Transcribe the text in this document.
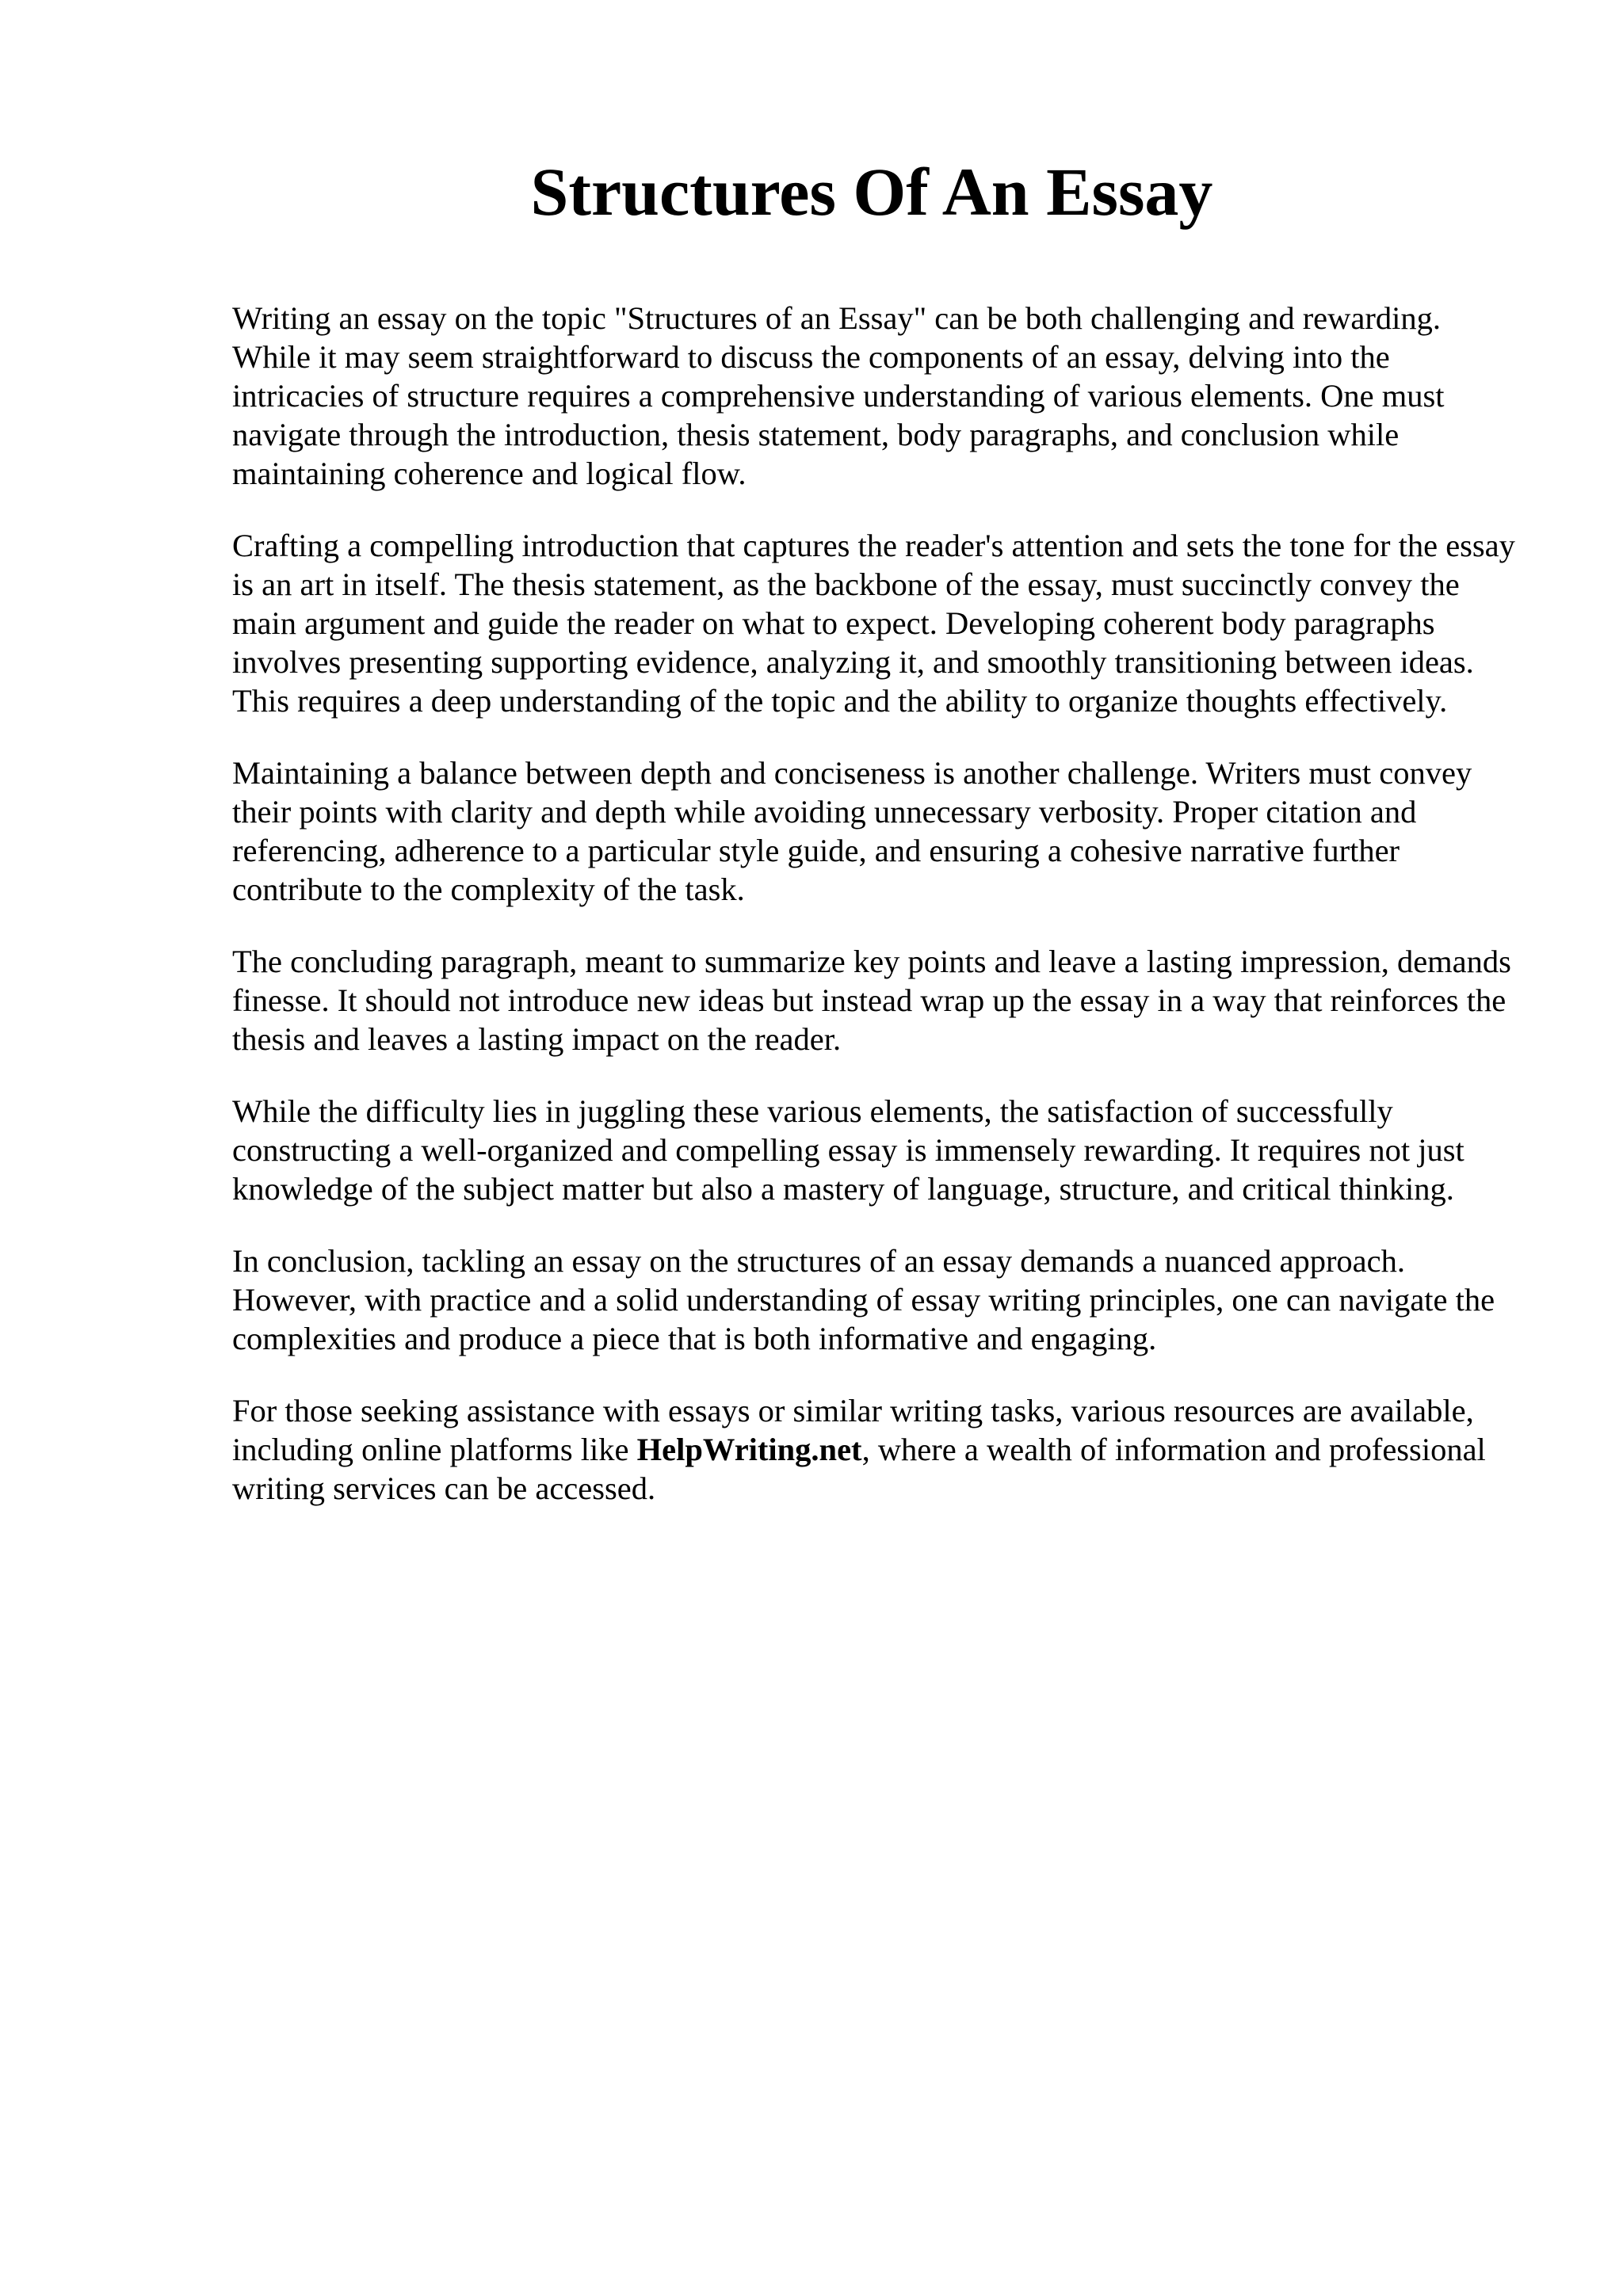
Structures Of An Essay

Writing an essay on the topic "Structures of an Essay" can be both challenging and rewarding. While it may seem straightforward to discuss the components of an essay, delving into the intricacies of structure requires a comprehensive understanding of various elements. One must navigate through the introduction, thesis statement, body paragraphs, and conclusion while maintaining coherence and logical flow.

Crafting a compelling introduction that captures the reader's attention and sets the tone for the essay is an art in itself. The thesis statement, as the backbone of the essay, must succinctly convey the main argument and guide the reader on what to expect. Developing coherent body paragraphs involves presenting supporting evidence, analyzing it, and smoothly transitioning between ideas. This requires a deep understanding of the topic and the ability to organize thoughts effectively.

Maintaining a balance between depth and conciseness is another challenge. Writers must convey their points with clarity and depth while avoiding unnecessary verbosity. Proper citation and referencing, adherence to a particular style guide, and ensuring a cohesive narrative further contribute to the complexity of the task.

The concluding paragraph, meant to summarize key points and leave a lasting impression, demands finesse. It should not introduce new ideas but instead wrap up the essay in a way that reinforces the thesis and leaves a lasting impact on the reader.

While the difficulty lies in juggling these various elements, the satisfaction of successfully constructing a well-organized and compelling essay is immensely rewarding. It requires not just knowledge of the subject matter but also a mastery of language, structure, and critical thinking.

In conclusion, tackling an essay on the structures of an essay demands a nuanced approach. However, with practice and a solid understanding of essay writing principles, one can navigate the complexities and produce a piece that is both informative and engaging.

For those seeking assistance with essays or similar writing tasks, various resources are available, including online platforms like HelpWriting.net, where a wealth of information and professional writing services can be accessed.
